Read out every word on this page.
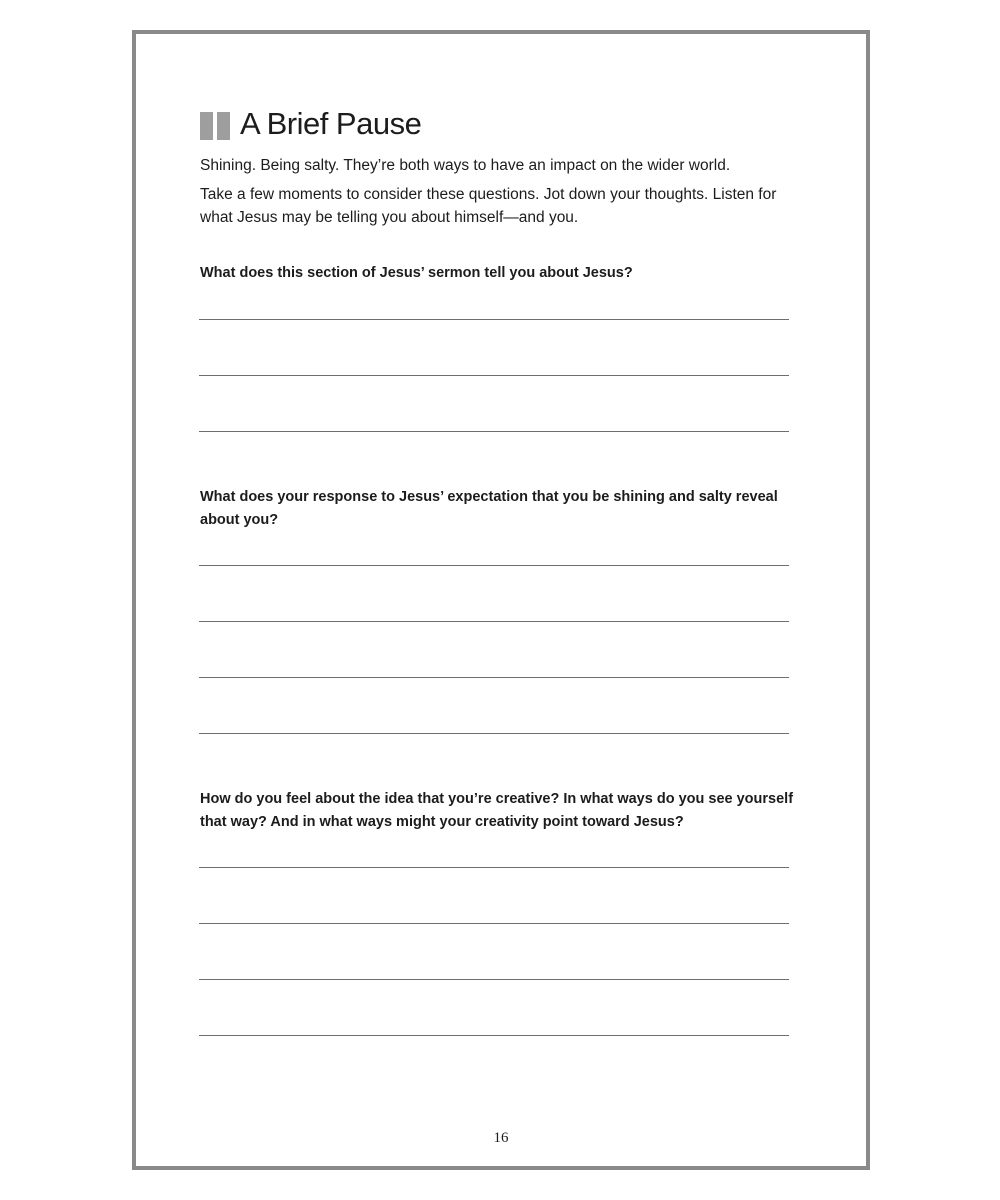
A Brief Pause

Shining. Being salty. They’re both ways to have an impact on the wider world.

Take a few moments to consider these questions. Jot down your thoughts. Listen for what Jesus may be telling you about himself—and you.

What does this section of Jesus’ sermon tell you about Jesus?

What does your response to Jesus’ expectation that you be shining and salty reveal about you?

How do you feel about the idea that you’re creative? In what ways do you see yourself that way? And in what ways might your creativity point toward Jesus?

16
